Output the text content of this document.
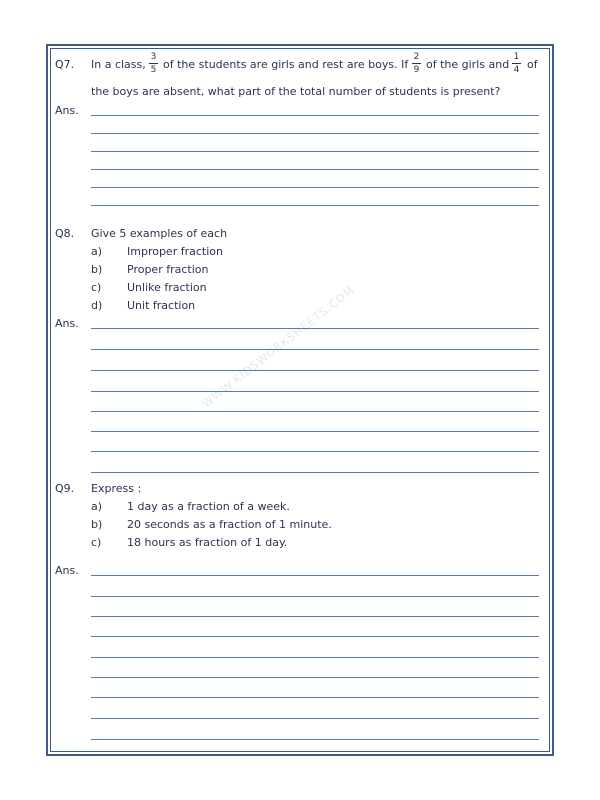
WWW.KIDSWORKSHEETS.COM
Q7. In a class,
3
5 of the students are girls and rest are boys. If
2
9 of the girls and
1
4 of
the boys are absent, what part of the total number of students is present?
Ans.
Q8. Give 5 examples of each
a) Improper fraction
b) Proper fraction
c) Unlike fraction
d) Unit fraction
Ans.
Q9. Express :
a) 1 day as a fraction of a week.
b) 20 seconds as a fraction of 1 minute.
c) 18 hours as fraction of 1 day.
Ans.
